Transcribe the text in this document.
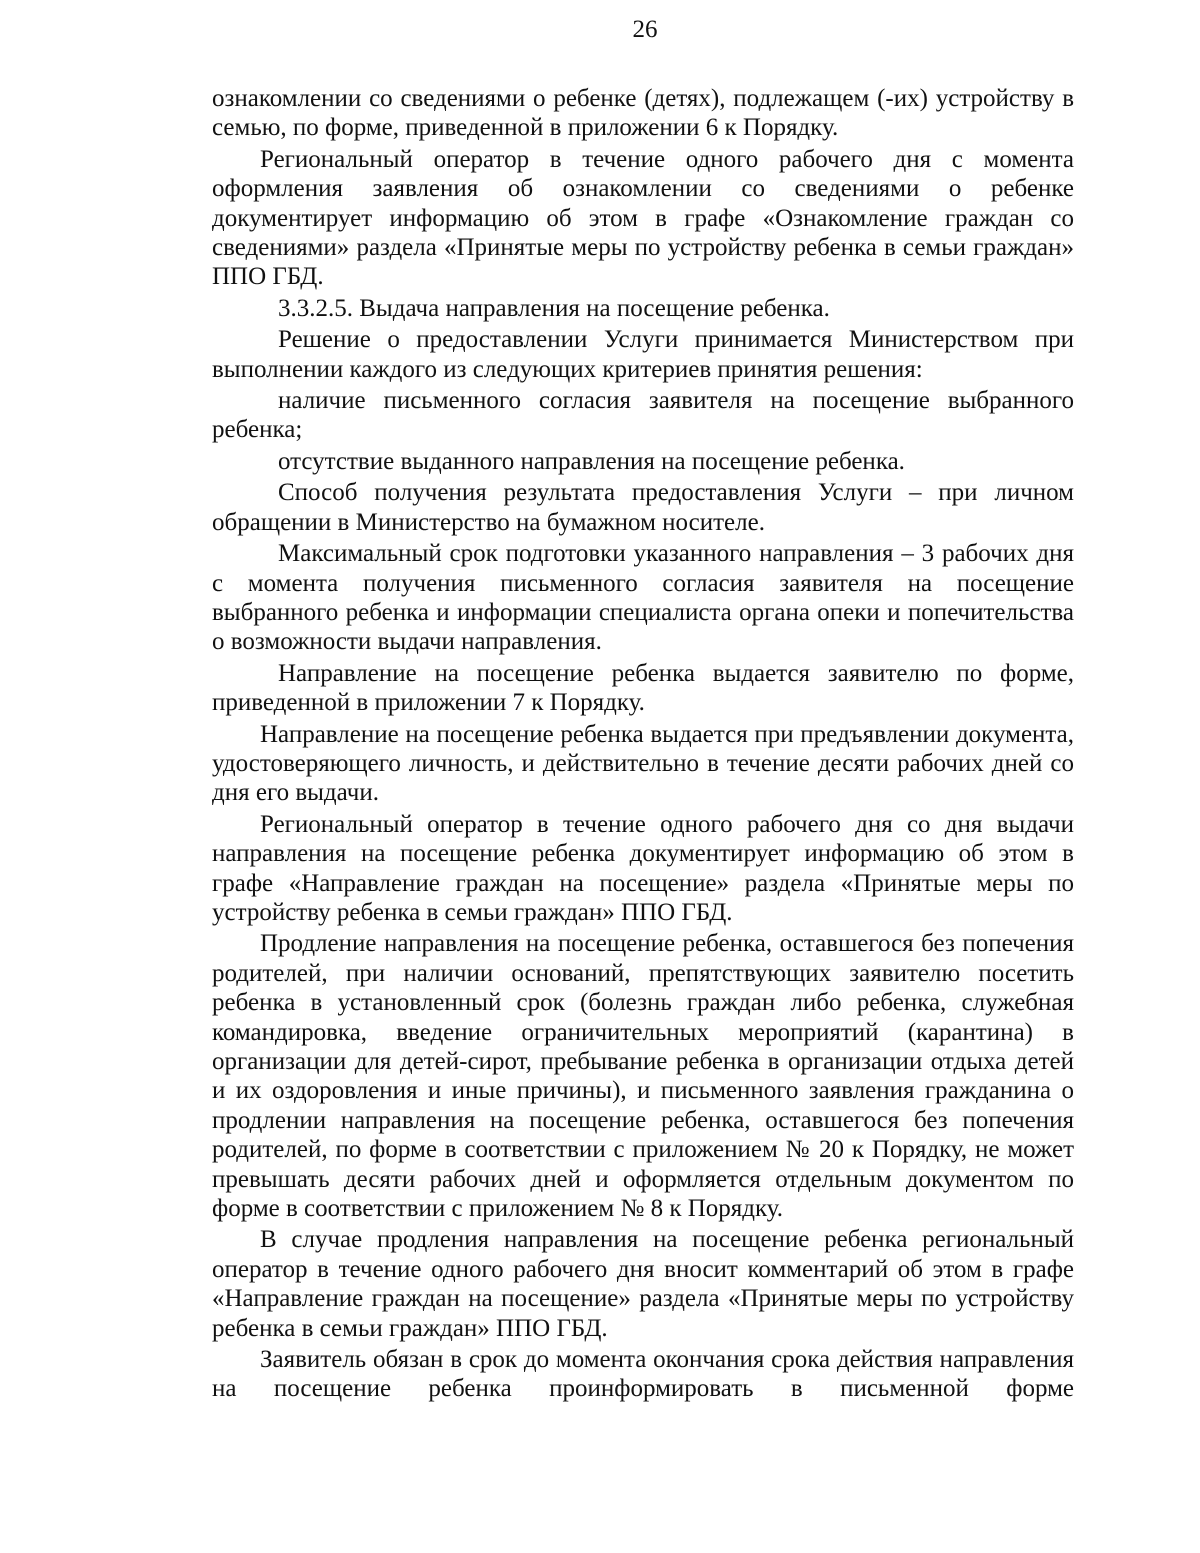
26

ознакомлении со сведениями о ребенке (детях), подлежащем (-их) устройству в семью, по форме, приведенной в приложении 6 к Порядку.

Региональный оператор в течение одного рабочего дня с момента оформления заявления об ознакомлении со сведениями о ребенке документирует информацию об этом в графе «Ознакомление граждан со сведениями» раздела «Принятые меры по устройству ребенка в семьи граждан» ППО ГБД.

3.3.2.5. Выдача направления на посещение ребенка.

Решение о предоставлении Услуги принимается Министерством при выполнении каждого из следующих критериев принятия решения:

наличие письменного согласия заявителя на посещение выбранного ребенка;

отсутствие выданного направления на посещение ребенка.

Способ получения результата предоставления Услуги – при личном обращении в Министерство на бумажном носителе.

Максимальный срок подготовки указанного направления – 3 рабочих дня с момента получения письменного согласия заявителя на посещение выбранного ребенка и информации специалиста органа опеки и попечительства о возможности выдачи направления.

Направление на посещение ребенка выдается заявителю по форме, приведенной в приложении 7 к Порядку.

Направление на посещение ребенка выдается при предъявлении документа, удостоверяющего личность, и действительно в течение десяти рабочих дней со дня его выдачи.

Региональный оператор в течение одного рабочего дня со дня выдачи направления на посещение ребенка документирует информацию об этом в графе «Направление граждан на посещение» раздела «Принятые меры по устройству ребенка в семьи граждан» ППО ГБД.

Продление направления на посещение ребенка, оставшегося без попечения родителей, при наличии оснований, препятствующих заявителю посетить ребенка в установленный срок (болезнь граждан либо ребенка, служебная командировка, введение ограничительных мероприятий (карантина) в организации для детей-сирот, пребывание ребенка в организации отдыха детей и их оздоровления и иные причины), и письменного заявления гражданина о продлении направления на посещение ребенка, оставшегося без попечения родителей, по форме в соответствии с приложением № 20 к Порядку, не может превышать десяти рабочих дней и оформляется отдельным документом по форме в соответствии с приложением № 8 к Порядку.

В случае продления направления на посещение ребенка региональный оператор в течение одного рабочего дня вносит комментарий об этом в графе «Направление граждан на посещение» раздела «Принятые меры по устройству ребенка в семьи граждан» ППО ГБД.

Заявитель обязан в срок до момента окончания срока действия направления на посещение ребенка проинформировать в письменной форме
